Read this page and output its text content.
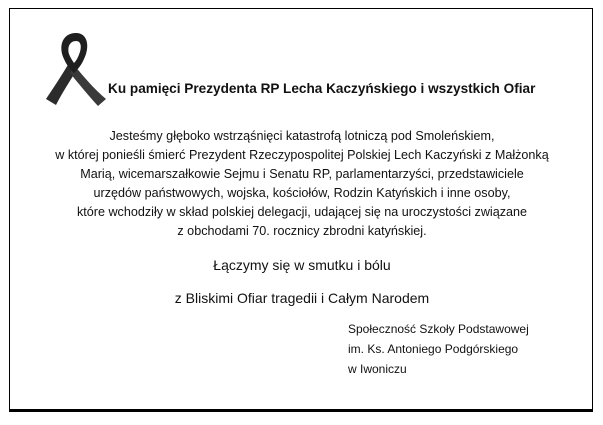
Ku pamięci Prezydenta RP Lecha Kaczyńskiego i wszystkich Ofiar
Jesteśmy głęboko wstrząśnięci katastrofą lotniczą pod Smoleńskiem,
w której ponieśli śmierć Prezydent Rzeczypospolitej Polskiej Lech Kaczyński z Małżonką
Marią, wicemarszałkowie Sejmu i Senatu RP, parlamentarzyści, przedstawiciele
urzędów państwowych, wojska, kościołów, Rodzin Katyńskich i inne osoby,
które wchodziły w skład polskiej delegacji, udającej się na uroczystości związane
z obchodami 70. rocznicy zbrodni katyńskiej.
Łączymy się w smutku i bólu
z Bliskimi Ofiar tragedii i Całym Narodem
Społeczność Szkoły Podstawowej
im. Ks. Antoniego Podgórskiego
w Iwoniczu
